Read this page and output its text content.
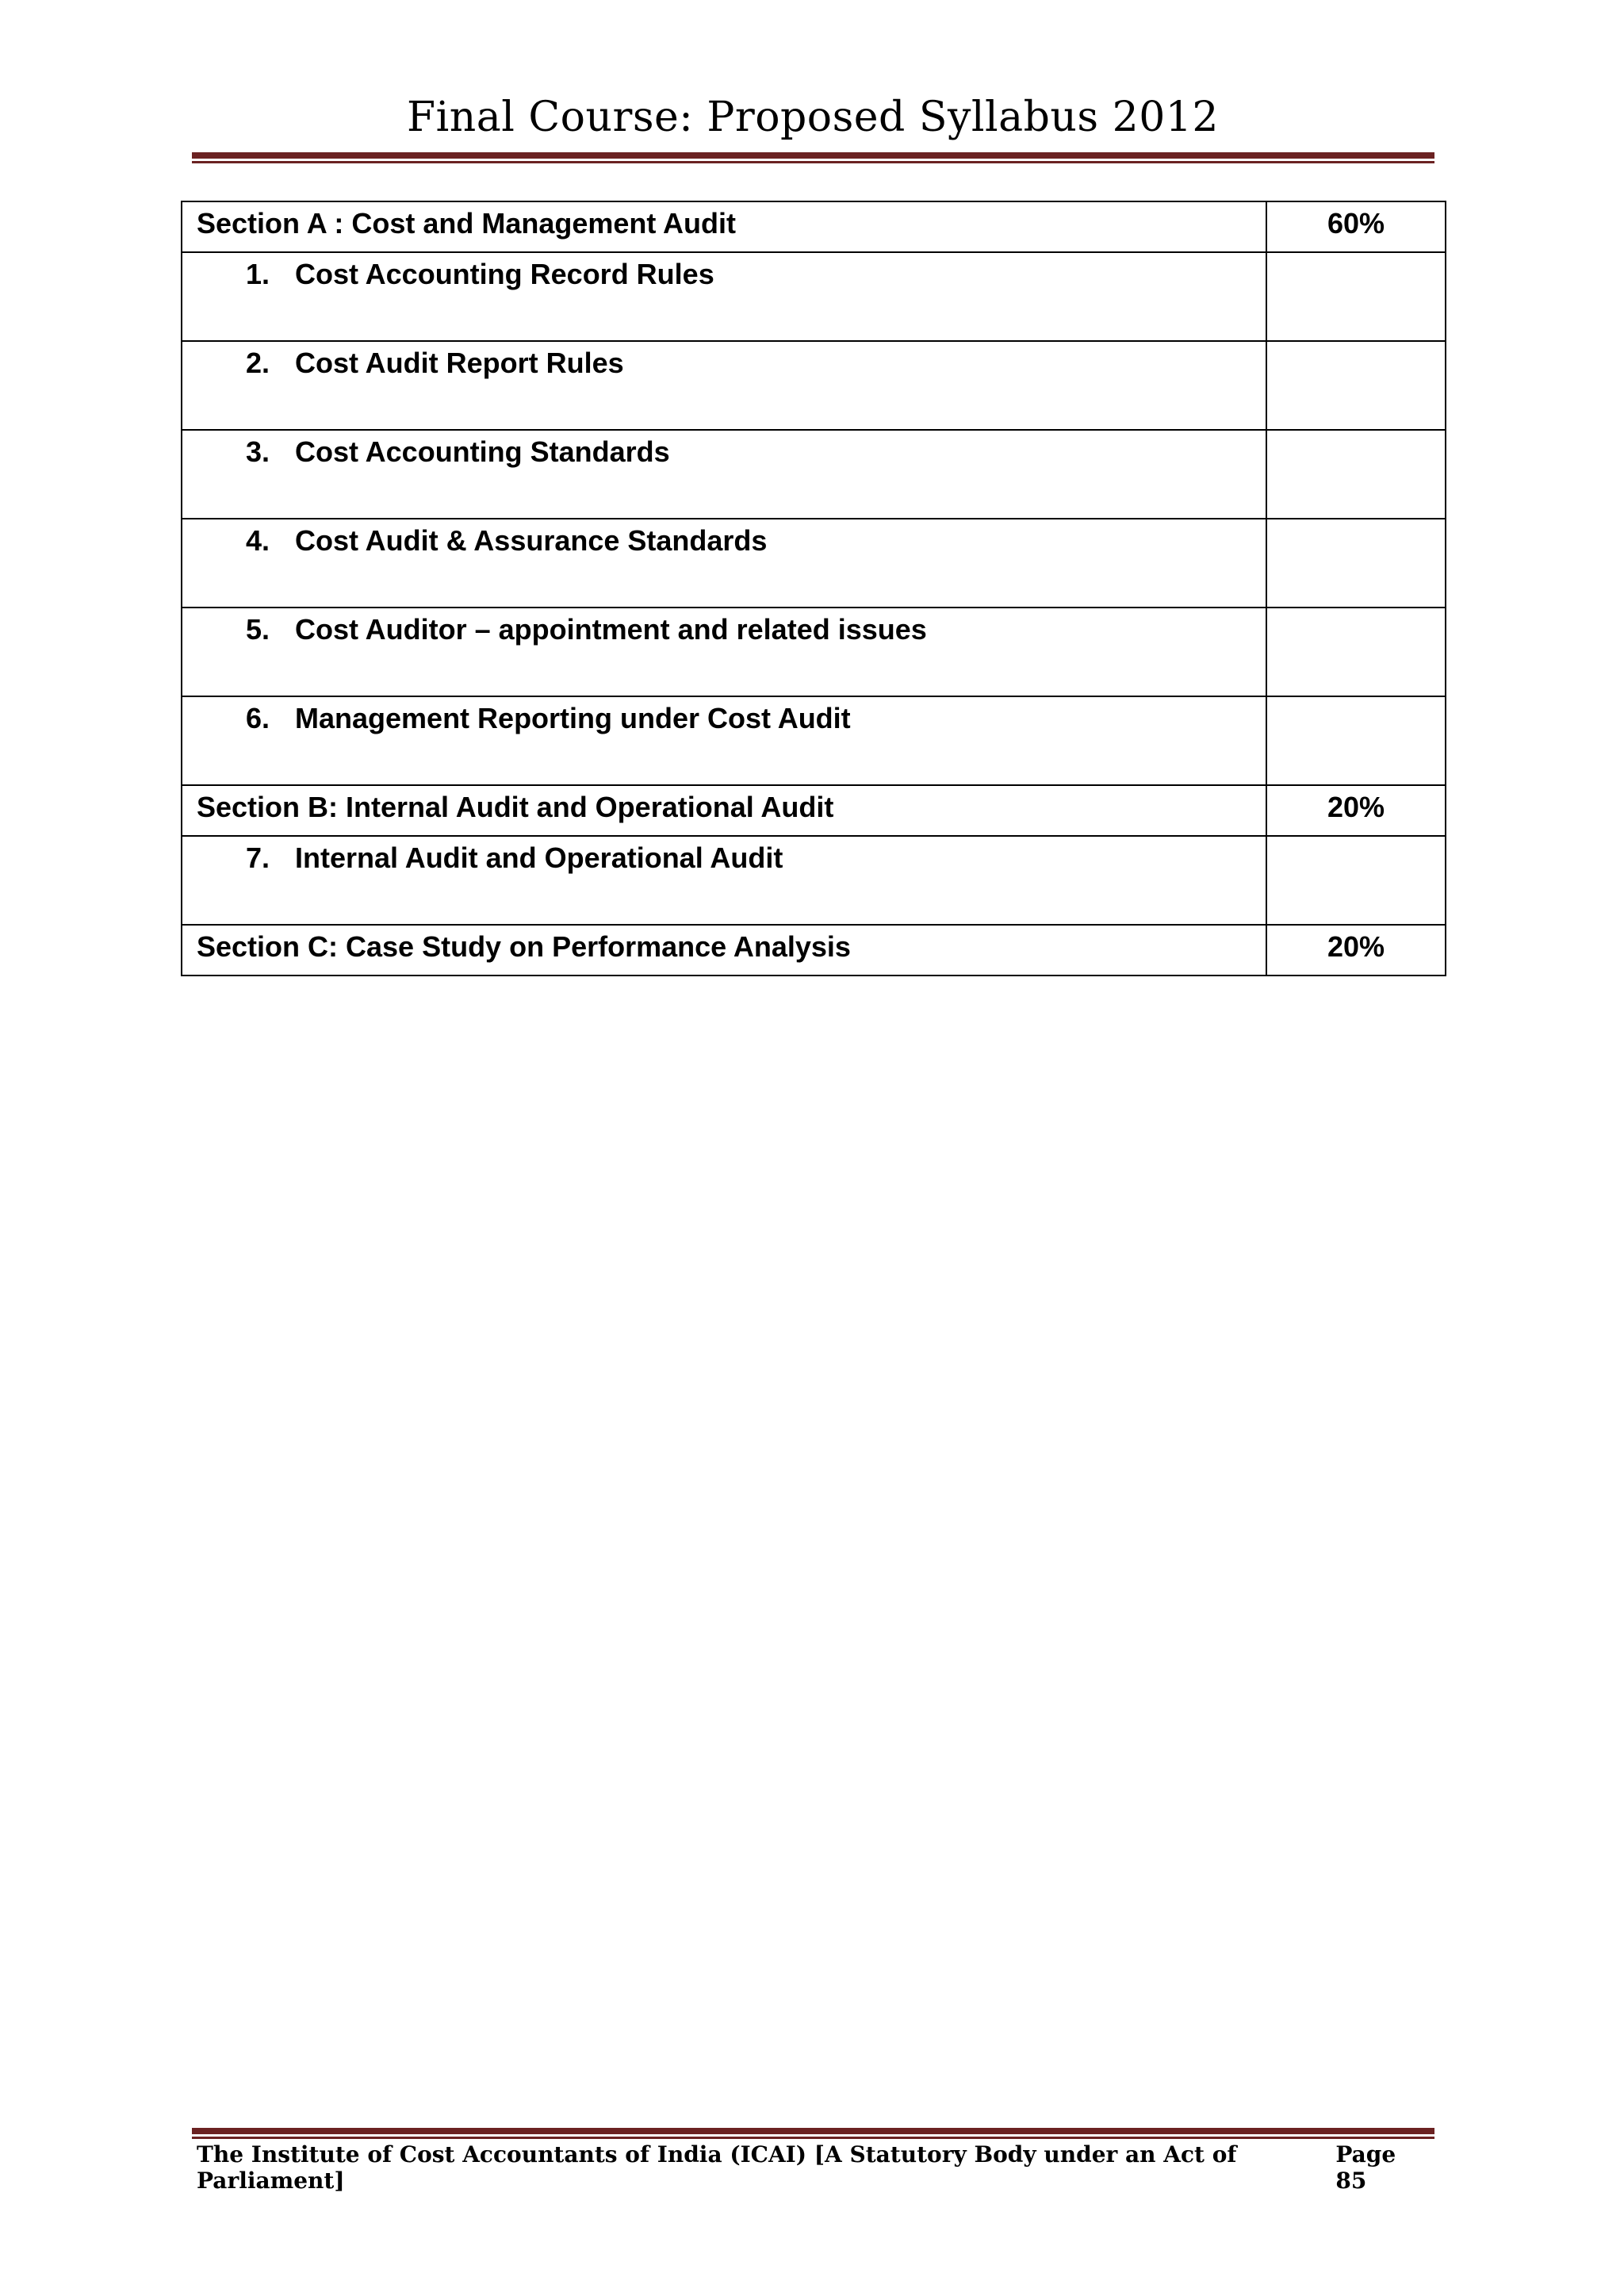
Final Course: Proposed Syllabus 2012
Section A : Cost and Management Audit	60%
1. Cost Accounting Record Rules	
2. Cost Audit Report Rules	
3. Cost Accounting Standards	
4. Cost Audit & Assurance Standards	
5. Cost Auditor – appointment and related issues	
6. Management Reporting under Cost Audit	
Section B: Internal Audit and Operational Audit	20%
7. Internal Audit and Operational Audit	
Section C: Case Study on Performance Analysis	20%
The Institute of Cost Accountants of India (ICAI) [A Statutory Body under an Act of Parliament]
Page 85
